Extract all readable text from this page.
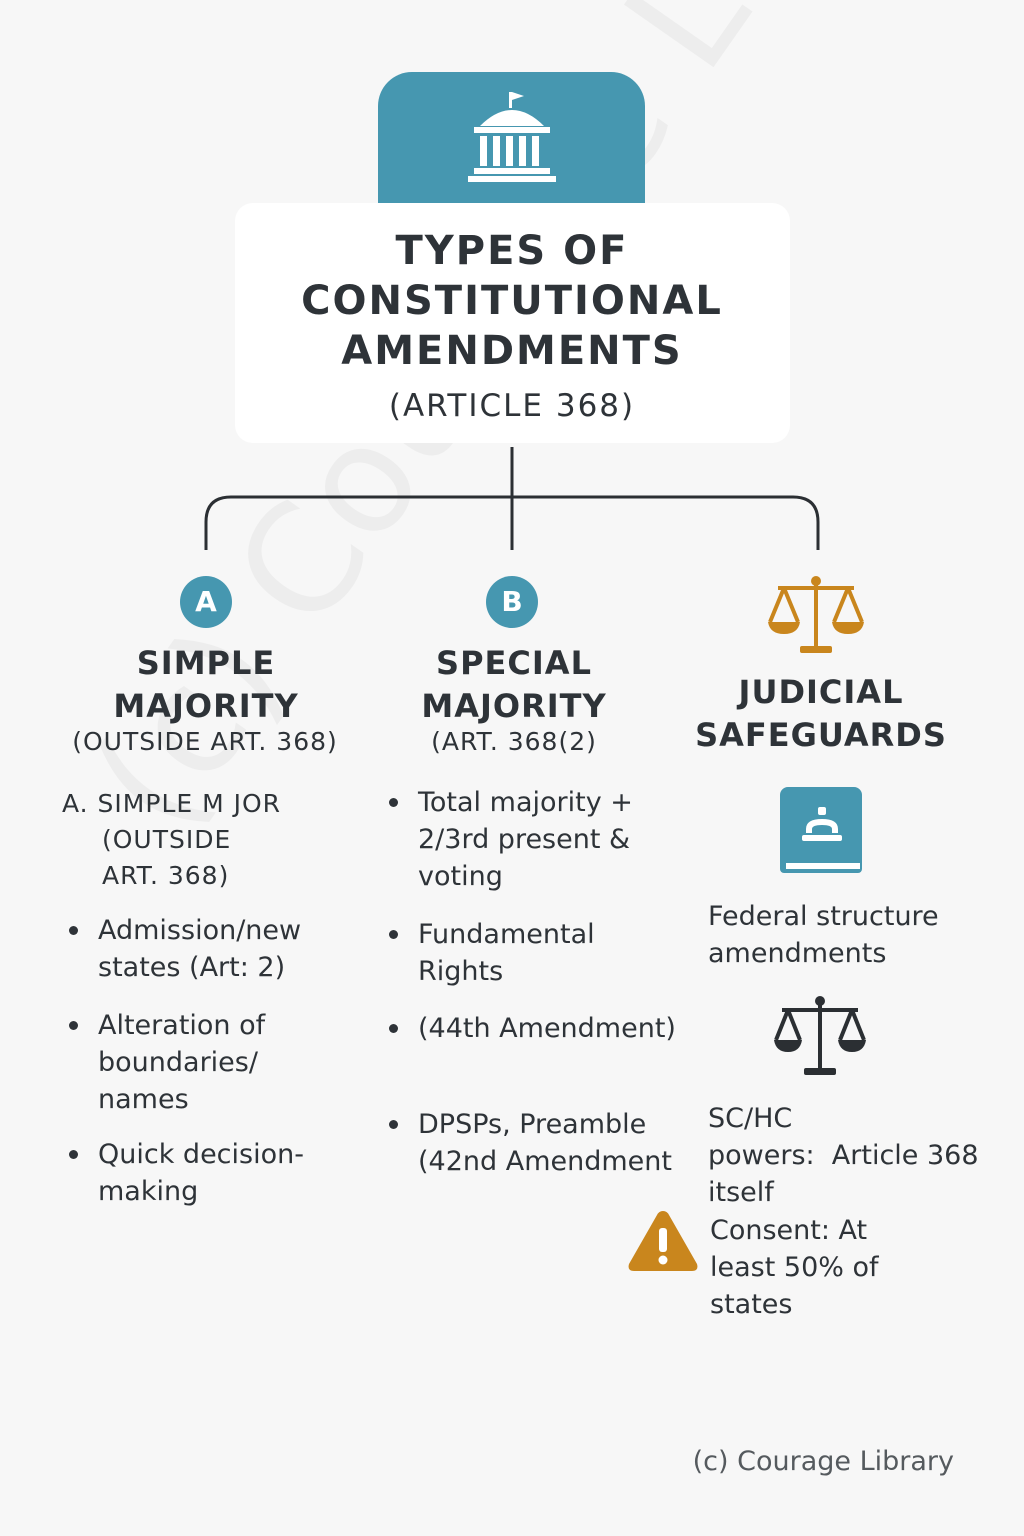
TYPES OF
CONSTITUTIONAL
AMENDMENTS
(ARTICLE 368)
A
SIMPLE
MAJORITY
(OUTSIDE ART. 368)
A. SIMPLE M JOR
(OUTSIDE
ART. 368)
Admission/new states (Art: 2)
Alteration of boundaries/ names
Quick decision-making
B
SPECIAL
MAJORITY
(ART. 368(2)
Total majority + 2/3rd present & voting
Fundamental Rights
(44th Amendment)
DPSPs, Preamble (42nd Amendment
JUDICIAL
SAFEGUARDS
Federal structure amendments
SC/HC powers:  Article 368 itself
Consent: At least 50% of states
(c) Courage Library
